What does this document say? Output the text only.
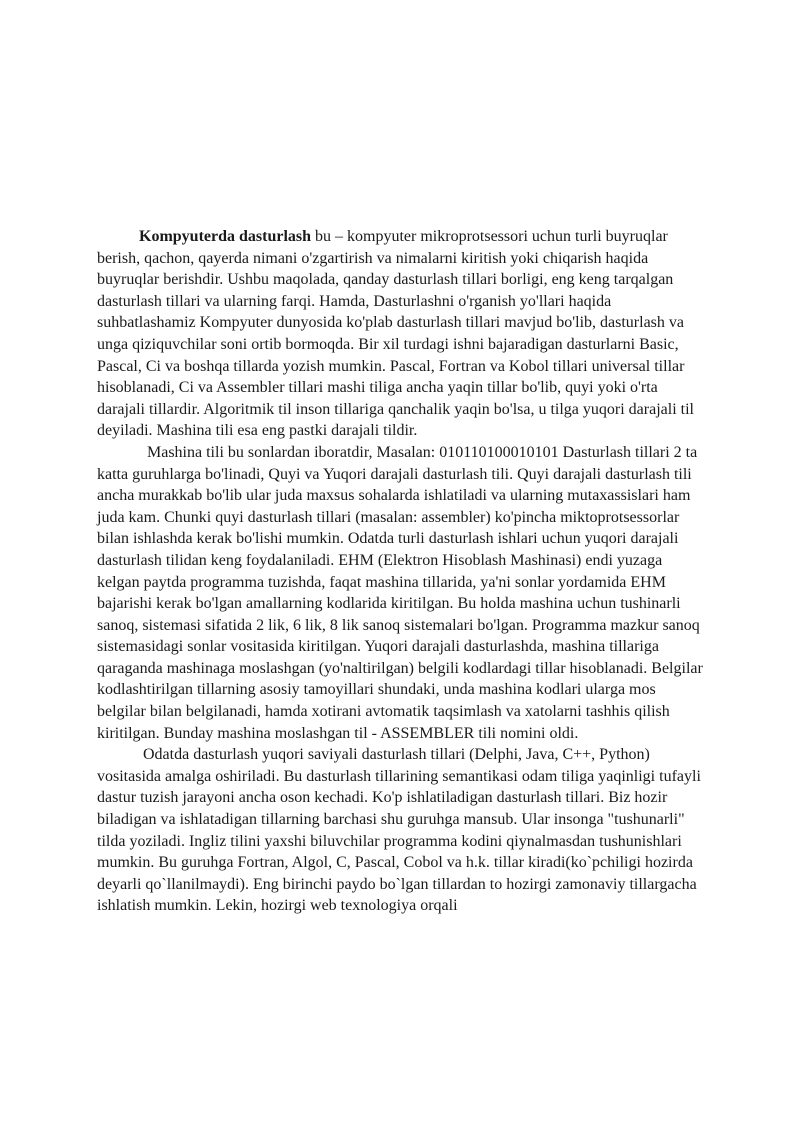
Kompyuterda dasturlash bu – kompyuter mikroprotsessori uchun turli buyruqlar berish, qachon, qayerda nimani o'zgartirish va nimalarni kiritish yoki chiqarish haqida buyruqlar berishdir. Ushbu maqolada, qanday dasturlash tillari borligi, eng keng tarqalgan dasturlash tillari va ularning farqi. Hamda, Dasturlashni o'rganish yo'llari haqida suhbatlashamiz Kompyuter dunyosida ko'plab dasturlash tillari mavjud bo'lib, dasturlash va unga qiziquvchilar soni ortib bormoqda. Bir xil turdagi ishni bajaradigan dasturlarni Basic, Pascal, Ci va boshqa tillarda yozish mumkin. Pascal, Fortran va Kobol tillari universal tillar hisoblanadi, Ci va Assembler tillari mashi tiliga ancha yaqin tillar bo'lib, quyi yoki o'rta darajali tillardir. Algoritmik til inson tillariga qanchalik yaqin bo'lsa, u tilga yuqori darajali til deyiladi. Mashina tili esa eng pastki darajali tildir.

Mashina tili bu sonlardan iboratdir, Masalan: 010110100010101 Dasturlash tillari 2 ta katta guruhlarga bo'linadi, Quyi va Yuqori darajali dasturlash tili. Quyi darajali dasturlash tili ancha murakkab bo'lib ular juda maxsus sohalarda ishlatiladi va ularning mutaxassislari ham juda kam. Chunki quyi dasturlash tillari (masalan: assembler) ko'pincha miktoprotsessorlar bilan ishlashda kerak bo'lishi mumkin. Odatda turli dasturlash ishlari uchun yuqori darajali dasturlash tilidan keng foydalaniladi. EHM (Elektron Hisoblash Mashinasi) endi yuzaga kelgan paytda programma tuzishda, faqat mashina tillarida, ya'ni sonlar yordamida EHM bajarishi kerak bo'lgan amallarning kodlarida kiritilgan. Bu holda mashina uchun tushinarli sanoq, sistemasi sifatida 2 lik, 6 lik, 8 lik sanoq sistemalari bo'lgan. Programma mazkur sanoq sistemasidagi sonlar vositasida kiritilgan. Yuqori darajali dasturlashda, mashina tillariga qaraganda mashinaga moslashgan (yo'naltirilgan) belgili kodlardagi tillar hisoblanadi. Belgilar kodlashtirilgan tillarning asosiy tamoyillari shundaki, unda mashina kodlari ularga mos belgilar bilan belgilanadi, hamda xotirani avtomatik taqsimlash va xatolarni tashhis qilish kiritilgan. Bunday mashina moslashgan til - ASSEMBLER tili nomini oldi.

Odatda dasturlash yuqori saviyali dasturlash tillari (Delphi, Java, C++, Python) vositasida amalga oshiriladi. Bu dasturlash tillarining semantikasi odam tiliga yaqinligi tufayli dastur tuzish jarayoni ancha oson kechadi. Ko'p ishlatiladigan dasturlash tillari. Biz hozir biladigan va ishlatadigan tillarning barchasi shu guruhga mansub. Ular insonga "tushunarli" tilda yoziladi. Ingliz tilini yaxshi biluvchilar programma kodini qiynalmasdan tushunishlari mumkin. Bu guruhga Fortran, Algol, C, Pascal, Cobol va h.k. tillar kiradi(ko`pchiligi hozirda deyarli qo`llanilmaydi). Eng birinchi paydo bo`lgan tillardan to hozirgi zamonaviy tillargacha ishlatish mumkin. Lekin, hozirgi web texnologiya orqali
